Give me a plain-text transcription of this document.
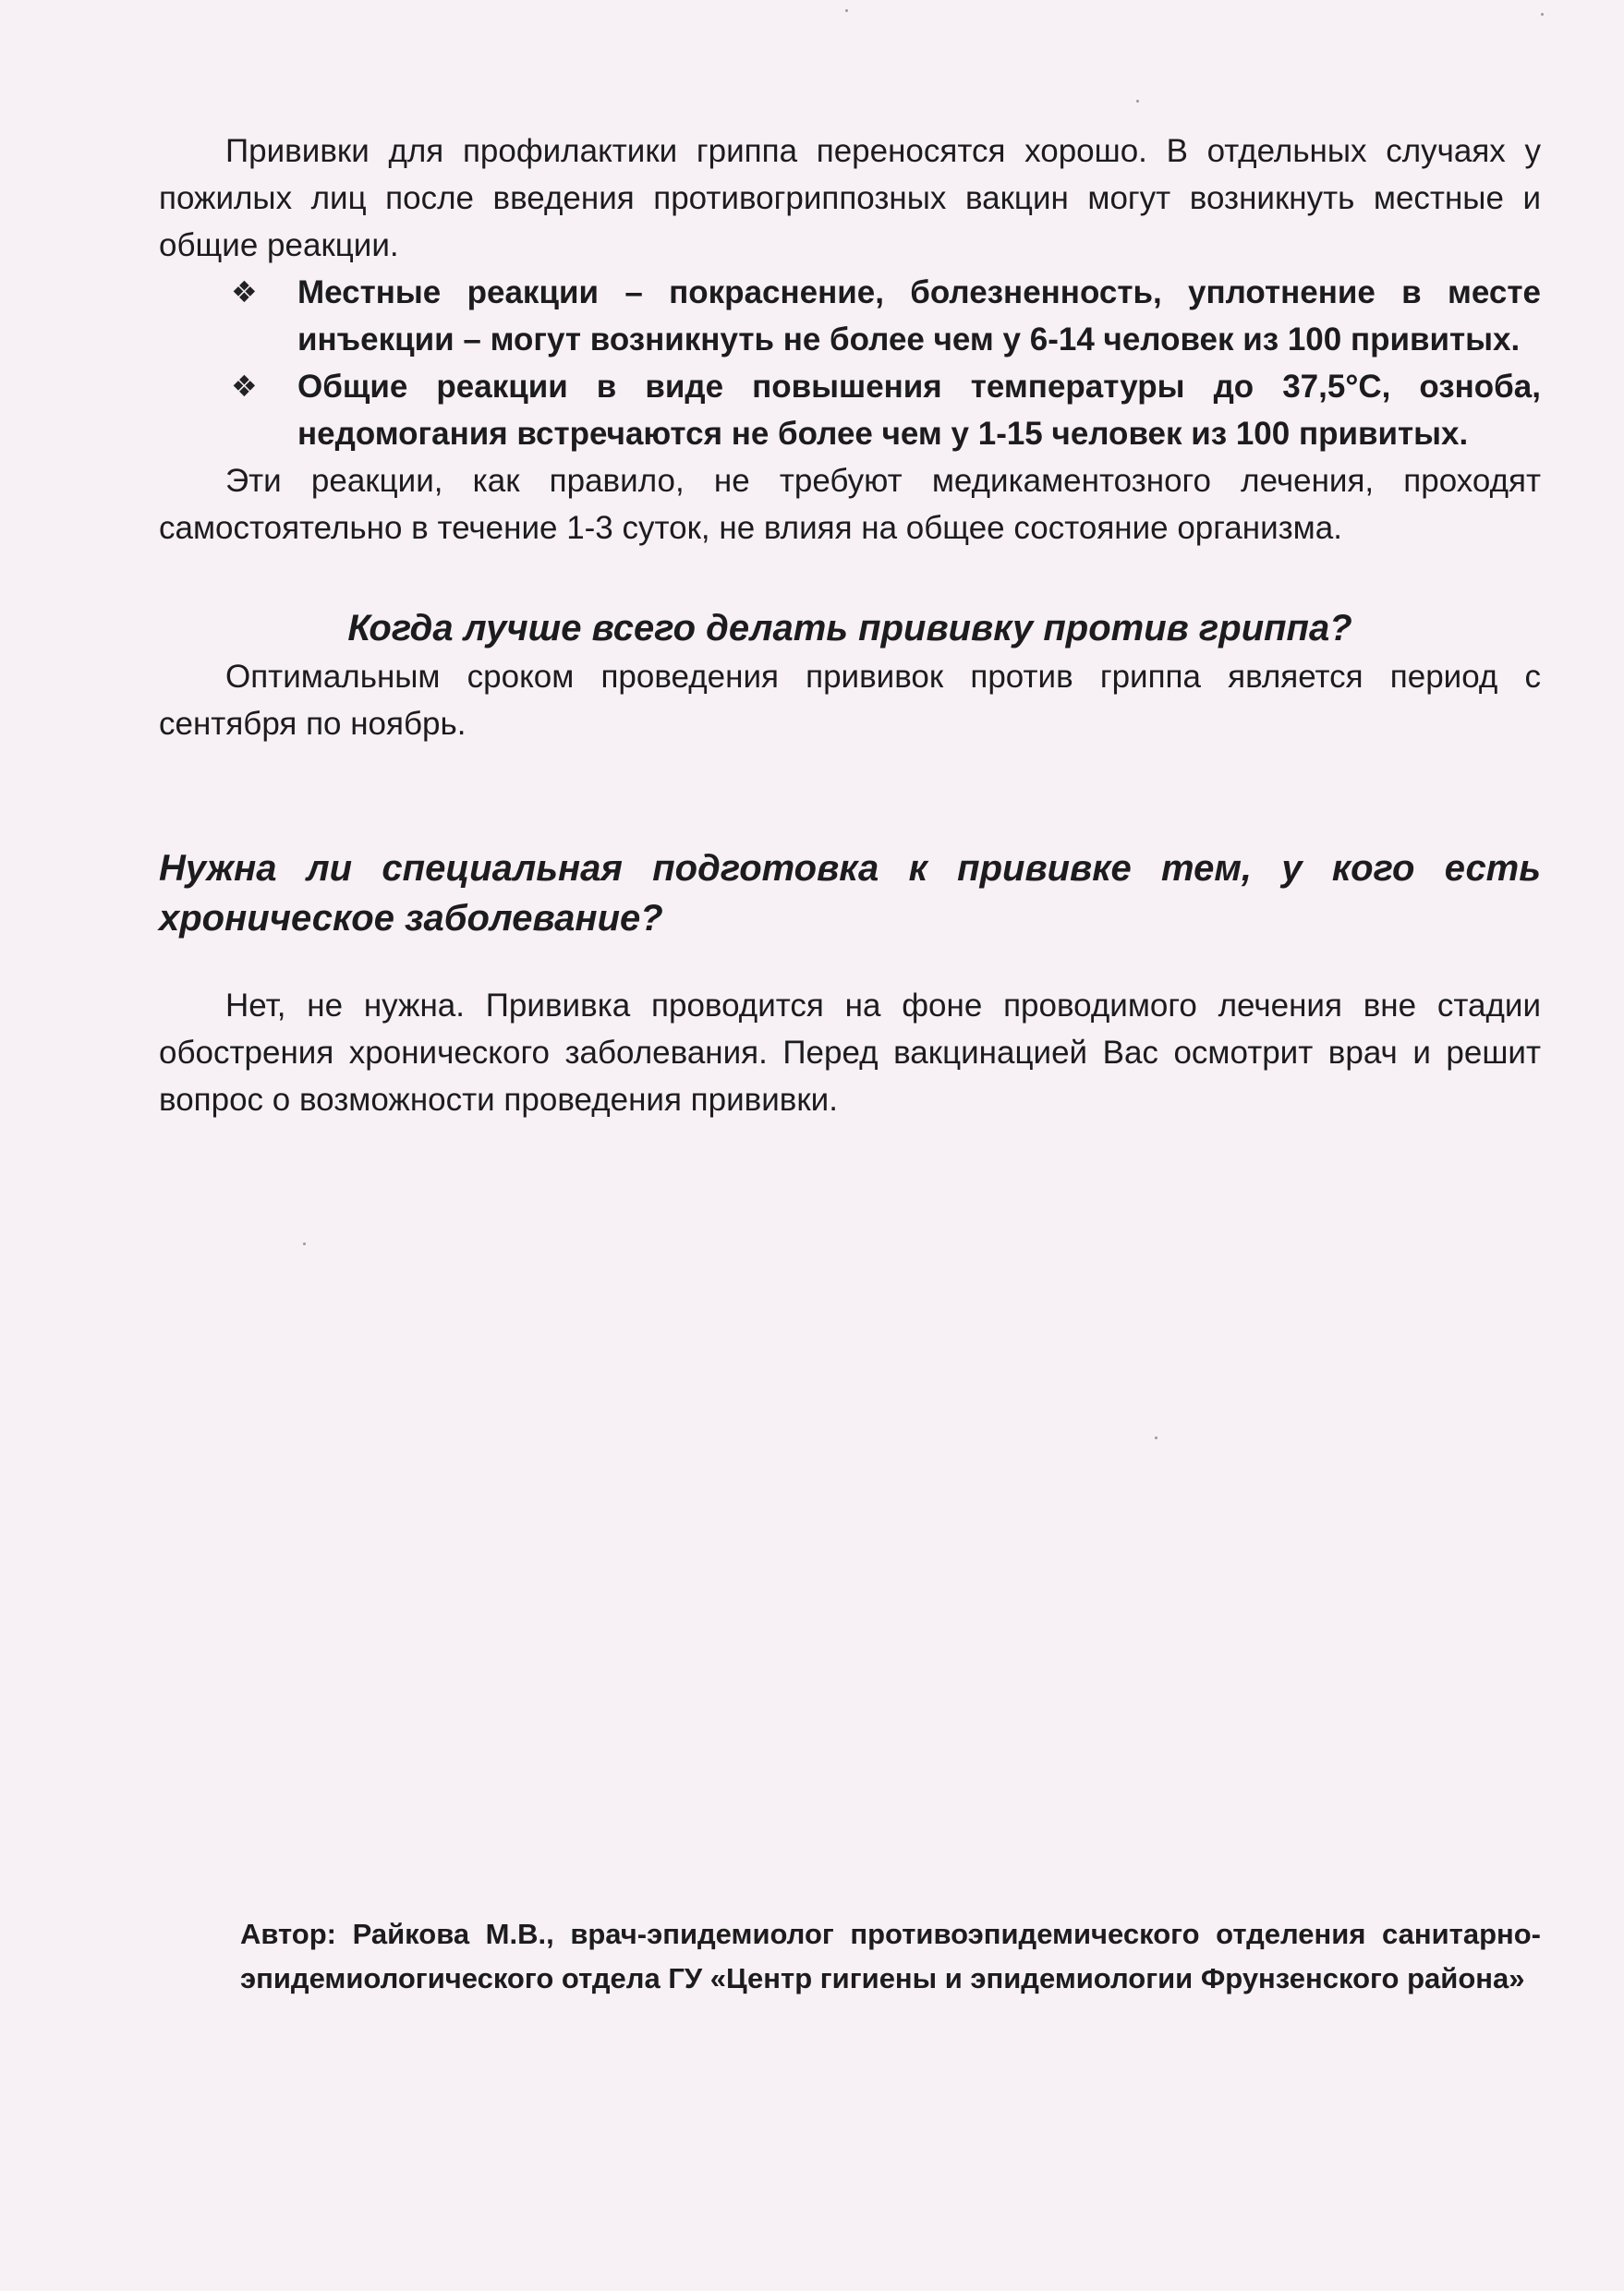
Прививки для профилактики гриппа переносятся хорошо. В отдельных случаях у пожилых лиц после введения противогриппозных вакцин могут возникнуть местные и общие реакции.

❖ Местные реакции – покраснение, болезненность, уплотнение в месте инъекции – могут возникнуть не более чем у 6-14 человек из 100 привитых.
❖ Общие реакции в виде повышения температуры до 37,5°С, озноба, недомогания встречаются не более чем у 1-15 человек из 100 привитых.

Эти реакции, как правило, не требуют медикаментозного лечения, проходят самостоятельно в течение 1-3 суток, не влияя на общее состояние организма.

Когда лучше всего делать прививку против гриппа?

Оптимальным сроком проведения прививок против гриппа является период с сентября по ноябрь.

Нужна ли специальная подготовка к прививке тем, у кого есть хроническое заболевание?

Нет, не нужна. Прививка проводится на фоне проводимого лечения вне стадии обострения хронического заболевания. Перед вакцинацией Вас осмотрит врач и решит вопрос о возможности проведения прививки.

Автор: Райкова М.В., врач-эпидемиолог противоэпидемического отделения санитарно-эпидемиологического отдела ГУ «Центр гигиены и эпидемиологии Фрунзенского района»
